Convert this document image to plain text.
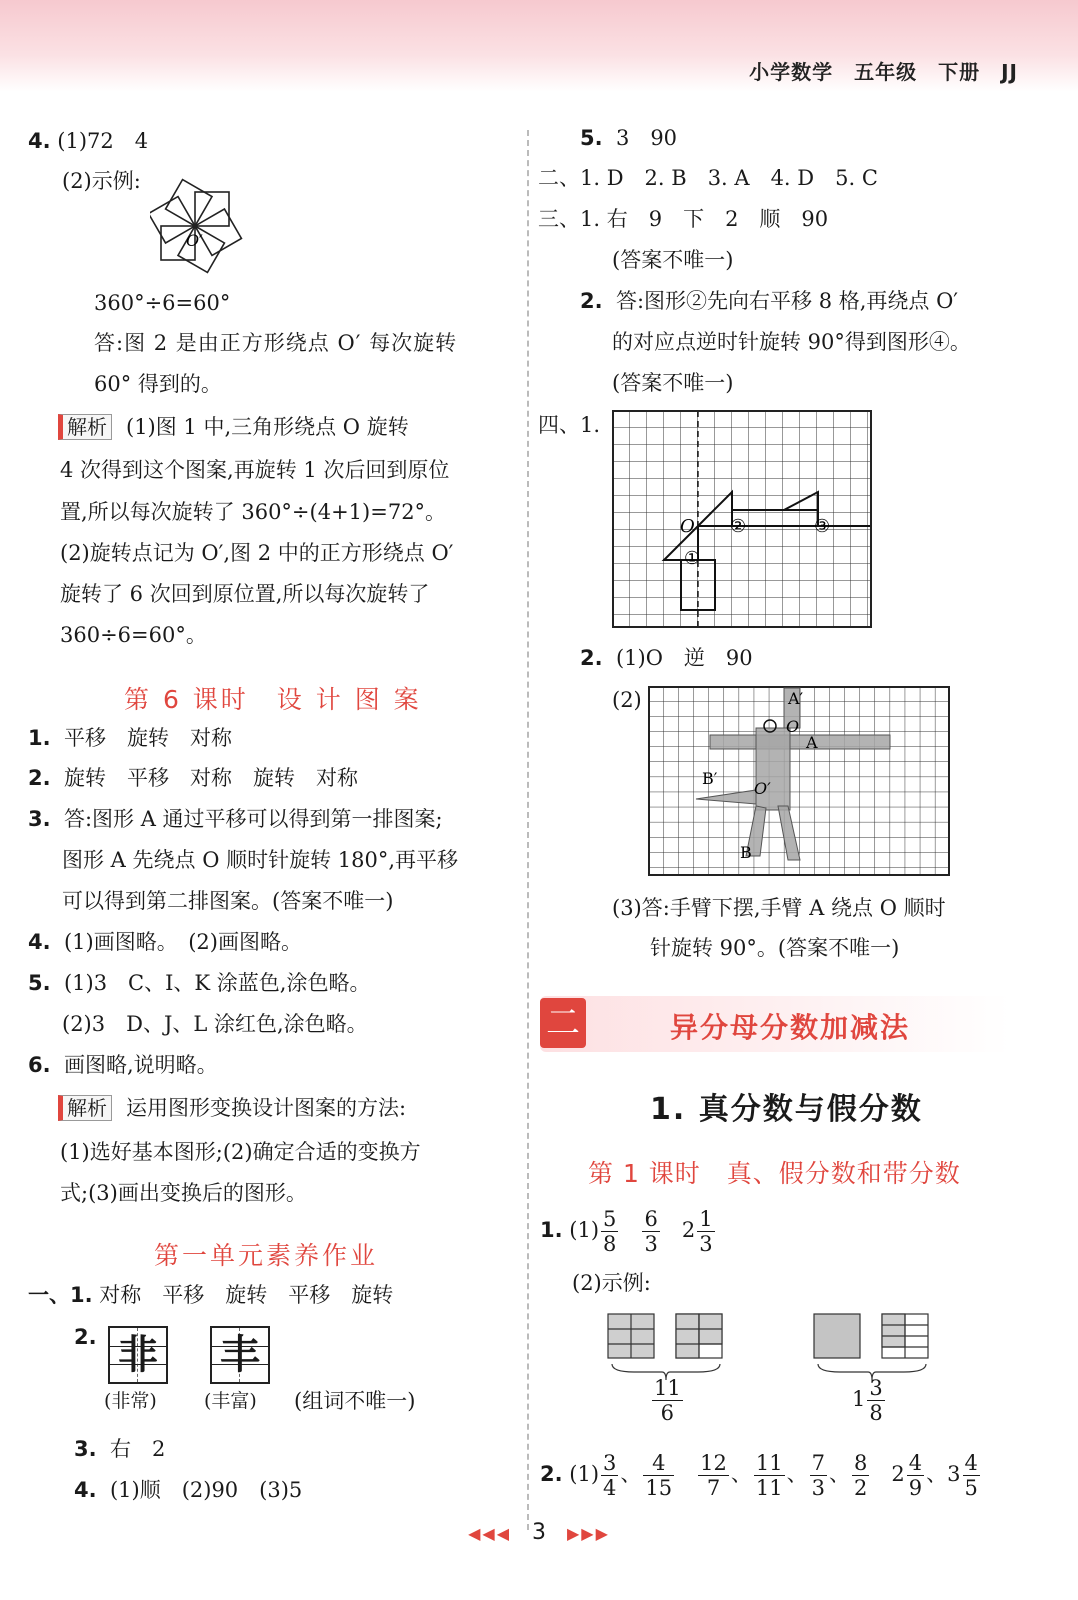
小学数学　五年级　下册　JJ
4. (1)72　4
(2)示例:
O′
360°÷6=60°
答:图 2 是由正方形绕点 O′ 每次旋转
60° 得到的。
解析 (1)图 1 中,三角形绕点 O 旋转
4 次得到这个图案,再旋转 1 次后回到原位
置,所以每次旋转了 360°÷(4+1)=72°。
(2)旋转点记为 O′,图 2 中的正方形绕点 O′
旋转了 6 次回到原位置,所以每次旋转了
360÷6=60°。
第 6 课时　设 计 图 案
1. 平移　旋转　对称
2. 旋转　平移　对称　旋转　对称
3. 答:图形 A 通过平移可以得到第一排图案;
图形 A 先绕点 O 顺时针旋转 180°,再平移
可以得到第二排图案。(答案不唯一)
4. (1)画图略。　(2)画图略。
5. (1)3　C、I、K 涂蓝色,涂色略。
(2)3　D、J、L 涂红色,涂色略。
6. 画图略,说明略。
解析 运用图形变换设计图案的方法:
(1)选好基本图形;(2)确定合适的变换方
式;(3)画出变换后的图形。
第一单元素养作业
一、1. 对称　平移　旋转　平移　旋转
2. 非 丰
(非常) (丰富) (组词不唯一)
3. 右　2
4. (1)顺　(2)90　(3)5
5. 3　90
二、1. D　2. B　3. A　4. D　5. C
三、1. 右　9　下　2　顺　90
(答案不唯一)
2. 答:图形②先向右平移 8 格,再绕点 O′
的对应点逆时针旋转 90°得到图形④。
(答案不唯一)
四、1.
O
①
②	③
2. (1)O　逆　90
(2)	A′
O
A
B′
O′
B
(3)答:手臂下摆,手臂 A 绕点 O 顺时
针旋转 90°。(答案不唯一)
二	异分母分数加减法
1. 真分数与假分数
第 1 课时　真、假分数和带分数
1. $(1) \frac{5}{8}$
$\frac{6}{3} 2 \frac{1}{3}$
(2)示例:
$\frac{11}{6}$	$1 \frac{3}{8}$
2. $(1) \frac{3}{4}$ 、 $\frac{4}{15}$
$\frac{12}{7}$ 、 $\frac{11}{11}$ 、 $\frac{7}{3}$ 、 $\frac{8}{2} 2 \frac{4}{9}$ 、$3 \frac{4}{5}$
◀◀◀ 3 ▶▶▶
